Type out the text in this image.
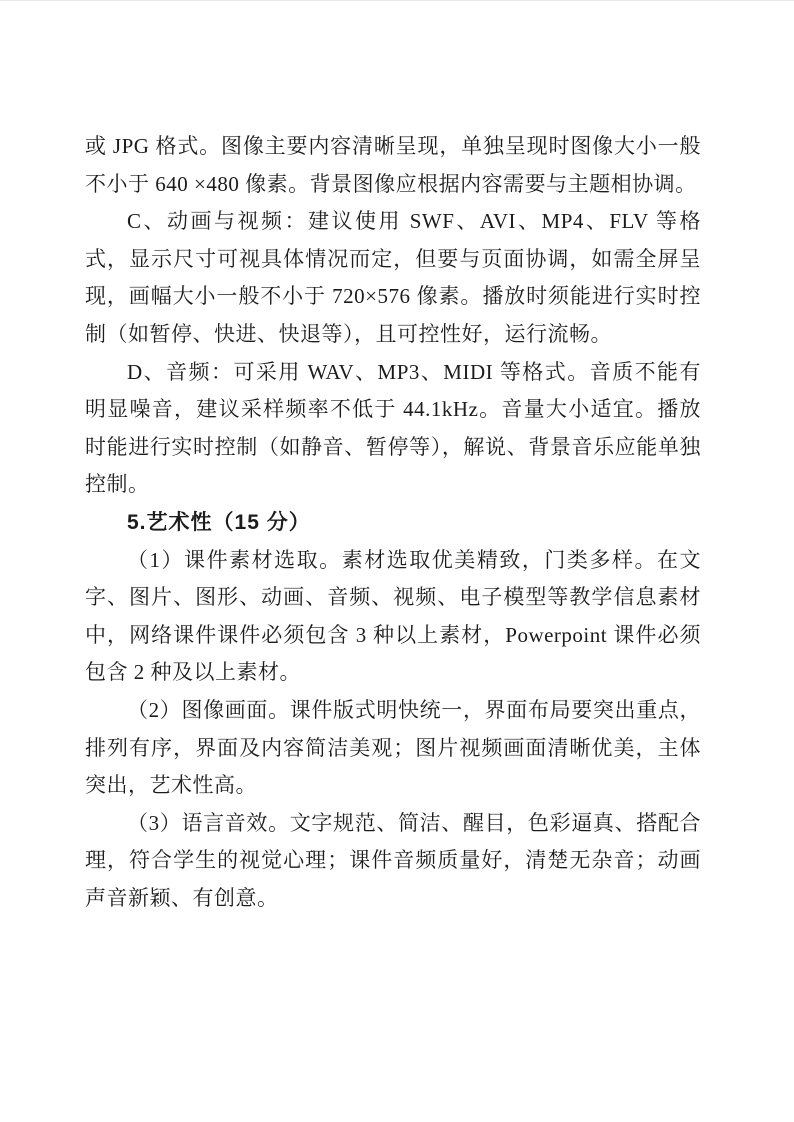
或 JPG 格式。图像主要内容清晰呈现，单独呈现时图像大小一般不小于 640 ×480 像素。背景图像应根据内容需要与主题相协调。

C、动画与视频：建议使用 SWF、AVI、MP4、FLV 等格式，显示尺寸可视具体情况而定，但要与页面协调，如需全屏呈现，画幅大小一般不小于 720×576 像素。播放时须能进行实时控制（如暂停、快进、快退等），且可控性好，运行流畅。

D、音频：可采用 WAV、MP3、MIDI 等格式。音质不能有明显噪音，建议采样频率不低于 44.1kHz。音量大小适宜。播放时能进行实时控制（如静音、暂停等），解说、背景音乐应能单独控制。

5.艺术性（15 分）

（1）课件素材选取。素材选取优美精致，门类多样。在文字、图片、图形、动画、音频、视频、电子模型等教学信息素材中，网络课件课件必须包含 3 种以上素材，Powerpoint 课件必须包含 2 种及以上素材。

（2）图像画面。课件版式明快统一，界面布局要突出重点，排列有序，界面及内容简洁美观；图片视频画面清晰优美，主体突出，艺术性高。

（3）语言音效。文字规范、简洁、醒目，色彩逼真、搭配合理，符合学生的视觉心理；课件音频质量好，清楚无杂音；动画声音新颖、有创意。
